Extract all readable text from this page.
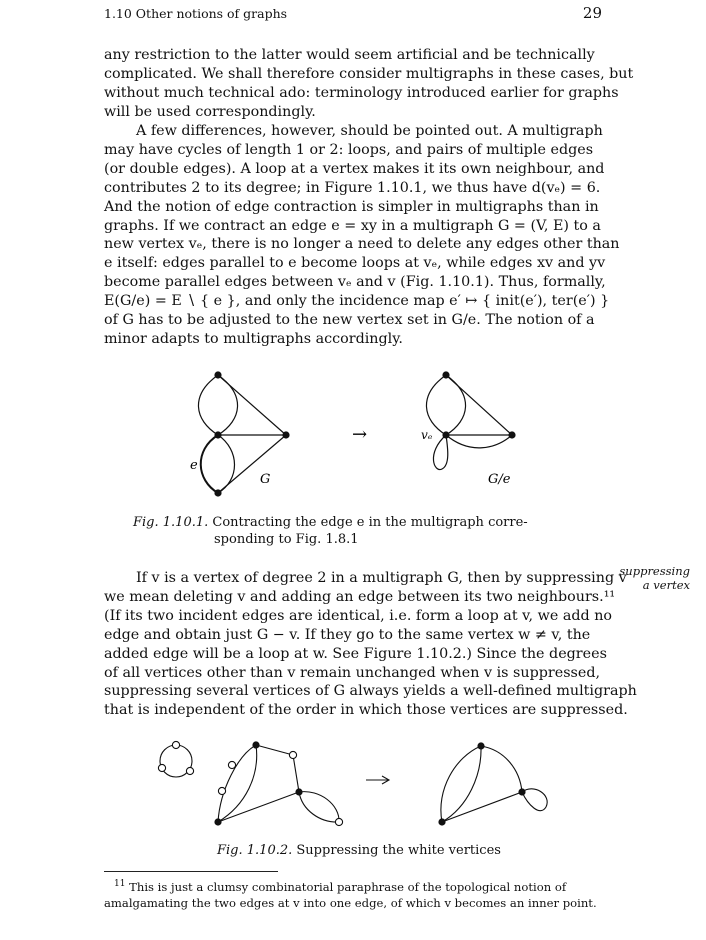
1.10 Other notions of graphs	29
any restriction to the latter would seem artificial and be technically
complicated. We shall therefore consider multigraphs in these cases, but
without much technical ado: terminology introduced earlier for graphs
will be used correspondingly.
A few differences, however, should be pointed out. A multigraph
may have cycles of length 1 or 2: loops, and pairs of multiple edges
(or double edges). A loop at a vertex makes it its own neighbour, and
contributes 2 to its degree; in Figure 1.10.1, we thus have d(vₑ) = 6.
And the notion of edge contraction is simpler in multigraphs than in
graphs. If we contract an edge e = xy in a multigraph G = (V, E) to a
new vertex vₑ, there is no longer a need to delete any edges other than
e itself: edges parallel to e become loops at vₑ, while edges xv and yv
become parallel edges between vₑ and v (Fig. 1.10.1). Thus, formally,
E(G/e) = E ∖ { e }, and only the incidence map e′ ↦ { init(e′), ter(e′) }
of G has to be adjusted to the new vertex set in G/e. The notion of a
minor adapts to multigraphs accordingly.
e
G
→	vₑ
G/e
Fig. 1.10.1. Contracting the edge e in the multigraph corre-
sponding to Fig. 1.8.1
suppressing
a vertex
If v is a vertex of degree 2 in a multigraph G, then by suppressing v
we mean deleting v and adding an edge between its two neighbours.¹¹
(If its two incident edges are identical, i.e. form a loop at v, we add no
edge and obtain just G − v. If they go to the same vertex w ≠ v, the
added edge will be a loop at w. See Figure 1.10.2.) Since the degrees
of all vertices other than v remain unchanged when v is suppressed,
suppressing several vertices of G always yields a well-defined multigraph
that is independent of the order in which those vertices are suppressed.
Fig. 1.10.2. Suppressing the white vertices
$^{11}$ This is just a clumsy combinatorial paraphrase of the topological notion of
amalgamating the two edges at v into one edge, of which v becomes an inner point.
